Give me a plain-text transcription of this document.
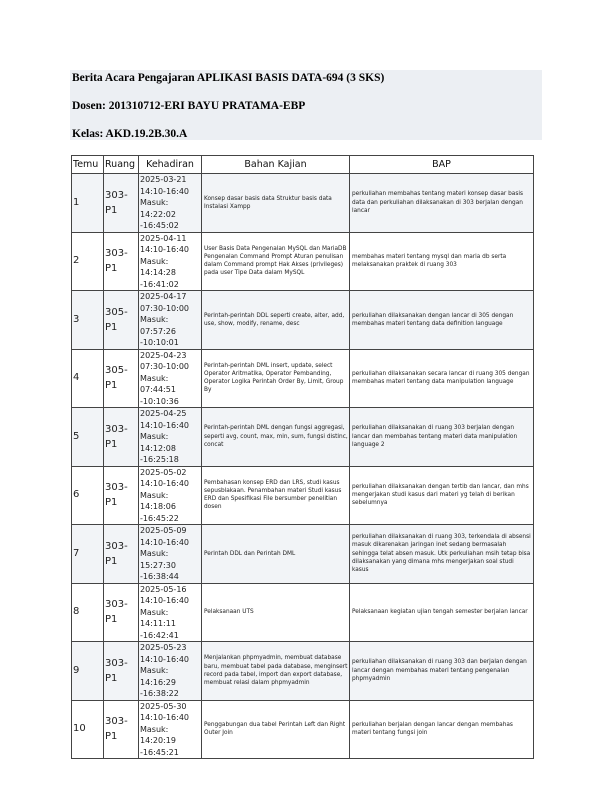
Berita Acara Pengajaran APLIKASI BASIS DATA-694 (3 SKS)
Dosen: 201310712-ERI BAYU PRATAMA-EBP
Kelas: AKD.19.2B.30.A
Temu	Ruang	Kehadiran	Bahan Kajian	BAP
1	303-P1	2025-03-21 14:10-16:40 Masuk: 14:22:02 -16:45:02	Konsep dasar basis data Struktur basis data Instalasi Xampp	perkuliahan membahas tentang materi konsep dasar basis data dan perkuliahan dilaksanakan di 303 berjalan dengan lancar
2	303-P1	2025-04-11 14:10-16:40 Masuk: 14:14:28 -16:41:02	User Basis Data Pengenalan MySQL dan MariaDB Pengenalan Command Prompt Aturan penulisan dalam Command prompt Hak Akses (privileges) pada user Tipe Data dalam MySQL	membahas materi tentang mysql dan maria db serta melaksanakan praktek di ruang 303
3	305-P1	2025-04-17 07:30-10:00 Masuk: 07:57:26 -10:10:01	Perintah-perintah DDL seperti create, alter, add, use, show, modify, rename, desc	perkuliahan dilaksanakan dengan lancar di 305 dengan membahas materi tentang data definition language
4	305-P1	2025-04-23 07:30-10:00 Masuk: 07:44:51 -10:10:36	Perintah-perintah DML insert, update, select Operator Aritmatika, Operator Pembanding, Operator Logika Perintah Order By, Limit, Group By	perkuliahan dilaksanakan secara lancar di ruang 305 dengan membahas materi tentang data manipulation language
5	303-P1	2025-04-25 14:10-16:40 Masuk: 14:12:08 -16:25:18	Perintah-perintah DML dengan fungsi aggregasi, seperti avg, count, max, min, sum, fungsi distinc, concat	perkuliahan dilaksanakan di ruang 303 berjalan dengan lancar dan membahas tentang materi data manipulation language 2
6	303-P1	2025-05-02 14:10-16:40 Masuk: 14:18:06 -16:45:22	Pembahasan konsep ERD dan LRS, studi kasus sepusblakaan. Penambahan materi Studi kasus ERD dan Spesifikasi File bersumber penelitian dosen	perkuliahan dilaksanakan dengan tertib dan lancar, dan mhs mengerjakan studi kasus dari materi yg telah di berikan sebelumnya
7	303-P1	2025-05-09 14:10-16:40 Masuk: 15:27:30 -16:38:44	Perintah DDL dan Perintah DML	perkuliahan dilaksanakan di ruang 303, terkendala di absensi masuk dikarenakan jaringan inet sedang bermasalah sehingga telat absen masuk. Utk perkuliahan msih tetap bisa dilaksanakan yang dimana mhs mengerjakan soal studi kasus
8	303-P1	2025-05-16 14:10-16:40 Masuk: 14:11:11 -16:42:41	Pelaksanaan UTS	Pelaksanaan kegiatan ujian tengah semester berjalan lancar
9	303-P1	2025-05-23 14:10-16:40 Masuk: 14:16:29 -16:38:22	Menjalankan phpmyadmin, membuat database baru, membuat tabel pada database, menginsert record pada tabel, import dan export database, membuat relasi dalam phpmyadmin	perkuliahan dilaksanakan di ruang 303 dan berjalan dengan lancar dengan membahas materi tentang pengenalan phpmyadmin
10	303-P1	2025-05-30 14:10-16:40 Masuk: 14:20:19 -16:45:21	Penggabungan dua tabel Perintah Left dan Right Outer Join	perkuliahan berjalan dengan lancar dengan membahas materi tentang fungsi join
